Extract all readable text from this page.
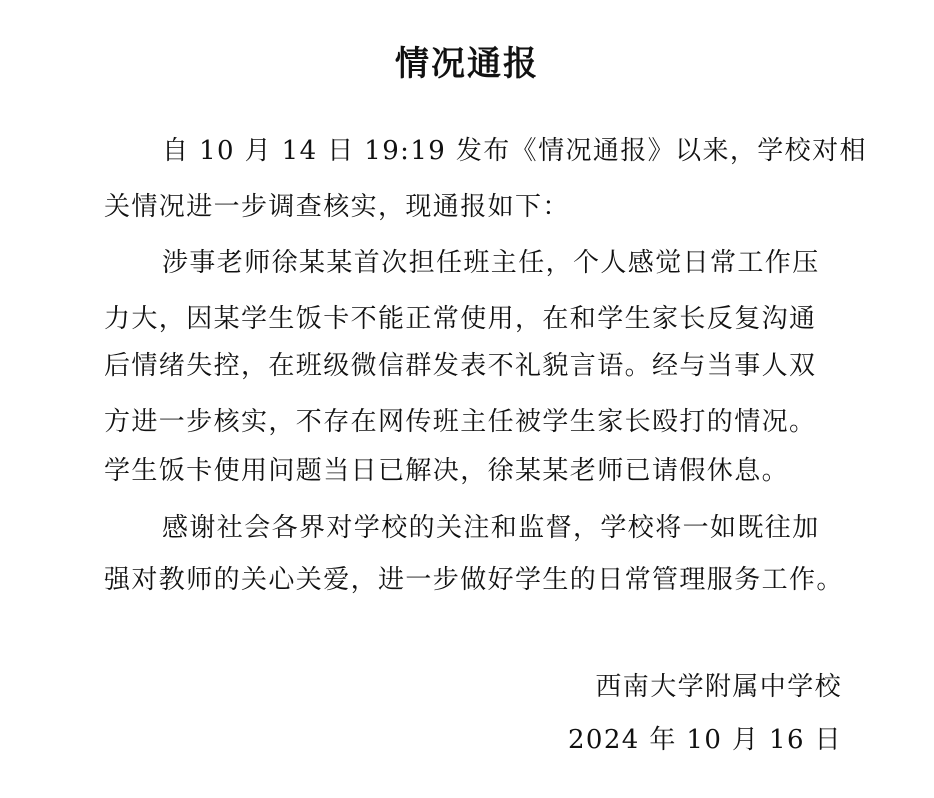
情况通报
自 10 月 14 日 19:19 发布《情况通报》以来，学校对相
关情况进一步调查核实，现通报如下：
涉事老师徐某某首次担任班主任，个人感觉日常工作压
力大，因某学生饭卡不能正常使用，在和学生家长反复沟通
后情绪失控，在班级微信群发表不礼貌言语。经与当事人双
方进一步核实，不存在网传班主任被学生家长殴打的情况。
学生饭卡使用问题当日已解决，徐某某老师已请假休息。
感谢社会各界对学校的关注和监督，学校将一如既往加
强对教师的关心关爱，进一步做好学生的日常管理服务工作。
西南大学附属中学校
2024 年 10 月 16 日
